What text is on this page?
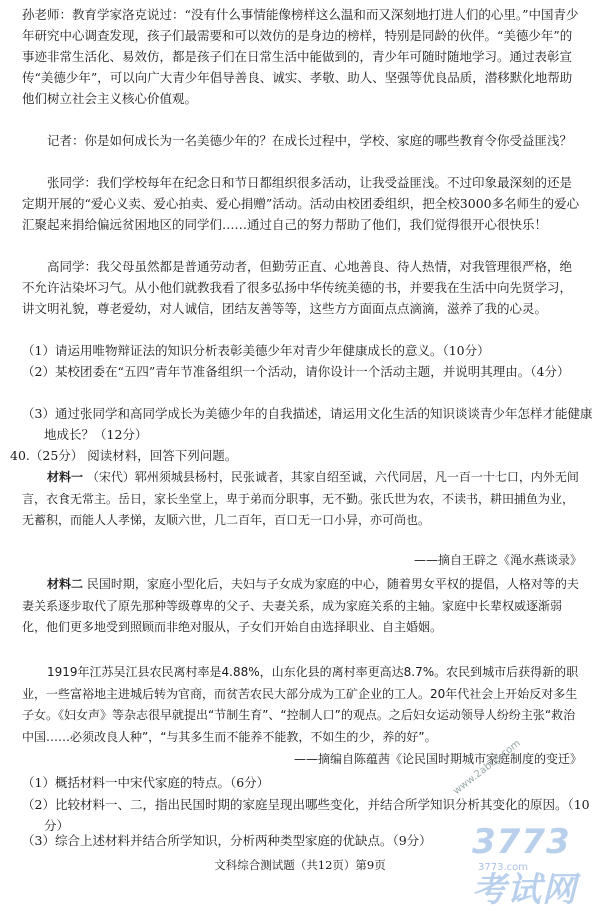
孙老师：教育学家洛克说过：“没有什么事情能像榜样这么温和而又深刻地打进人们的心里。”中国青少年研究中心调查发现，孩子们最需要和可以效仿的是身边的榜样，特别是同龄的伙伴。“美德少年”的事迹非常生活化、易效仿，都是孩子们在日常生活中能做到的，青少年可随时随地学习。通过表彰宣传“美德少年”，可以向广大青少年倡导善良、诚实、孝敬、助人、坚强等优良品质，潜移默化地帮助他们树立社会主义核心价值观。

记者：你是如何成长为一名美德少年的？在成长过程中，学校、家庭的哪些教育令你受益匪浅？

张同学：我们学校每年在纪念日和节日都组织很多活动，让我受益匪浅。不过印象最深刻的还是定期开展的“爱心义卖、爱心拍卖、爱心捐赠”活动。活动由校团委组织，把全校3000多名师生的爱心汇聚起来捐给偏远贫困地区的同学们……通过自己的努力帮助了他们，我们觉得很开心很快乐！

高同学：我父母虽然都是普通劳动者，但勤劳正直、心地善良、待人热情，对我管理很严格，绝不允许沾染坏习气。从小他们就教我看了很多弘扬中华传统美德的书，并要我在生活中向先贤学习，讲文明礼貌，尊老爱幼，对人诚信，团结友善等等，这些方方面面点点滴滴，滋养了我的心灵。

（1）请运用唯物辩证法的知识分析表彰美德少年对青少年健康成长的意义。（10分）

（2）某校团委在“五四”青年节准备组织一个活动，请你设计一个活动主题，并说明其理由。（4分）

（3）通过张同学和高同学成长为美德少年的自我描述，请运用文化生活的知识谈谈青少年怎样才能健康地成长？（12分）

40.（25分） 阅读材料，回答下列问题。

材料一 （宋代）郓州须城县杨村，民张诚者，其家自绍至诚，六代同居，凡一百一十七口，内外无间言，衣食无常主。岳日，家长坐堂上，卑于弟而分职事，无不勤。张氏世为农，不读书，耕田捕鱼为业，无蓄积，而能人人孝悌，友顺六世，几二百年，百口无一口小异，亦可尚也。

——摘自王辟之《渑水燕谈录》

材料二 民国时期，家庭小型化后，夫妇与子女成为家庭的中心，随着男女平权的提倡，人格对等的夫妻关系逐步取代了原先那种等级尊卑的父子、夫妻关系，成为家庭关系的主轴。家庭中长辈权威逐渐弱化，他们更多地受到照顾而非绝对服从，子女们开始自由选择职业、自主婚姻。

1919年江苏吴江县农民离村率是4.88%，山东化县的离村率更高达8.7%。农民到城市后获得新的职业，一些富裕地主进城后转为官商，而贫苦农民大部分成为工矿企业的工人。20年代社会上开始反对多生子女。《妇女声》等杂志很早就提出“节制生育”、“控制人口”的观点。之后妇女运动领导人纷纷主张“救治中国……必须改良人种”，“与其多生而不能养不能教，不如生的少，养的好”。

——摘编自陈蕴茜《论民国时期城市家庭制度的变迁》

（1）概括材料一中宋代家庭的特点。（6分）

（2）比较材料一、二，指出民国时期的家庭呈现出哪些变化，并结合所学知识分析其变化的原因。（10分）

（3）综合上述材料并结合所学知识，分析两种类型家庭的优缺点。（9分）

www.2abc8.com
3773考试网
3773.com

文科综合测试题（共12页）第9页
